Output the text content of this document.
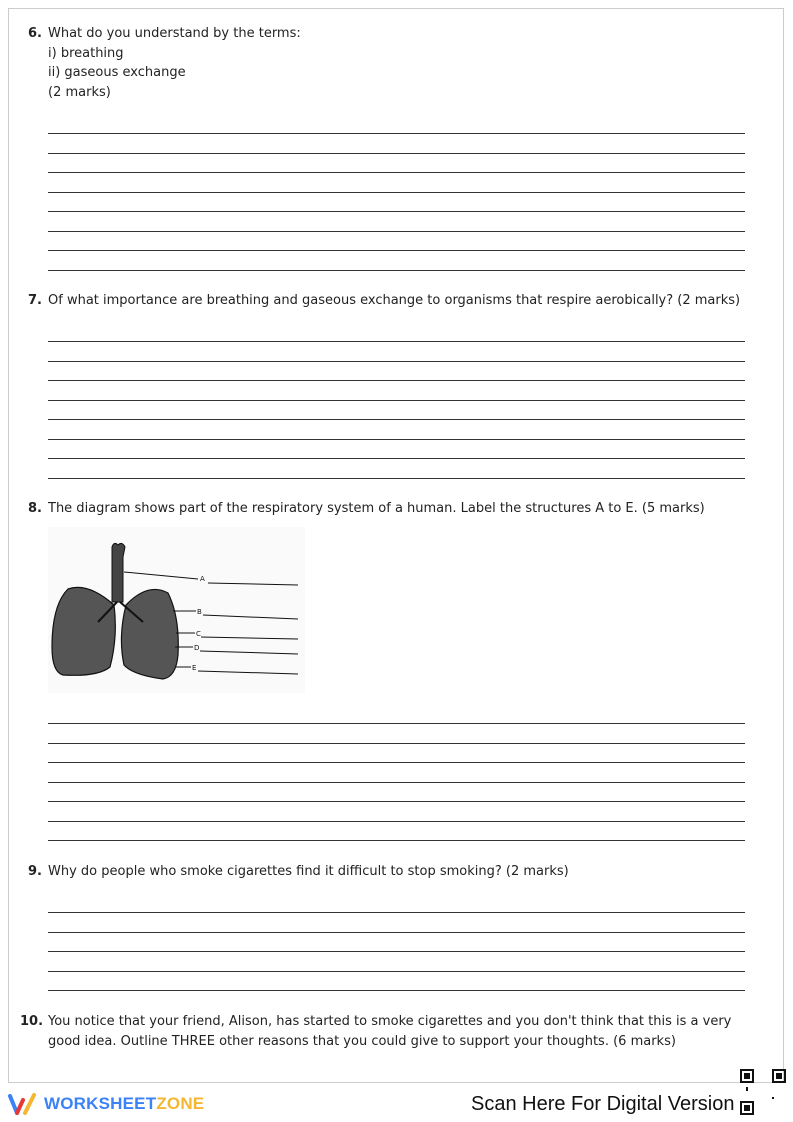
6. What do you understand by the terms:
i) breathing
ii) gaseous exchange
(2 marks)
7. Of what importance are breathing and gaseous exchange to organisms that respire aerobically? (2 marks)
8. The diagram shows part of the respiratory system of a human. Label the structures A to E. (5 marks)
A
B
C
D
E
9. Why do people who smoke cigarettes find it difficult to stop smoking? (2 marks)
10. You notice that your friend, Alison, has started to smoke cigarettes and you don't think that this is a very
good idea. Outline THREE other reasons that you could give to support your thoughts. (6 marks)
WORKSHEETZONE	Scan Here For Digital Version
